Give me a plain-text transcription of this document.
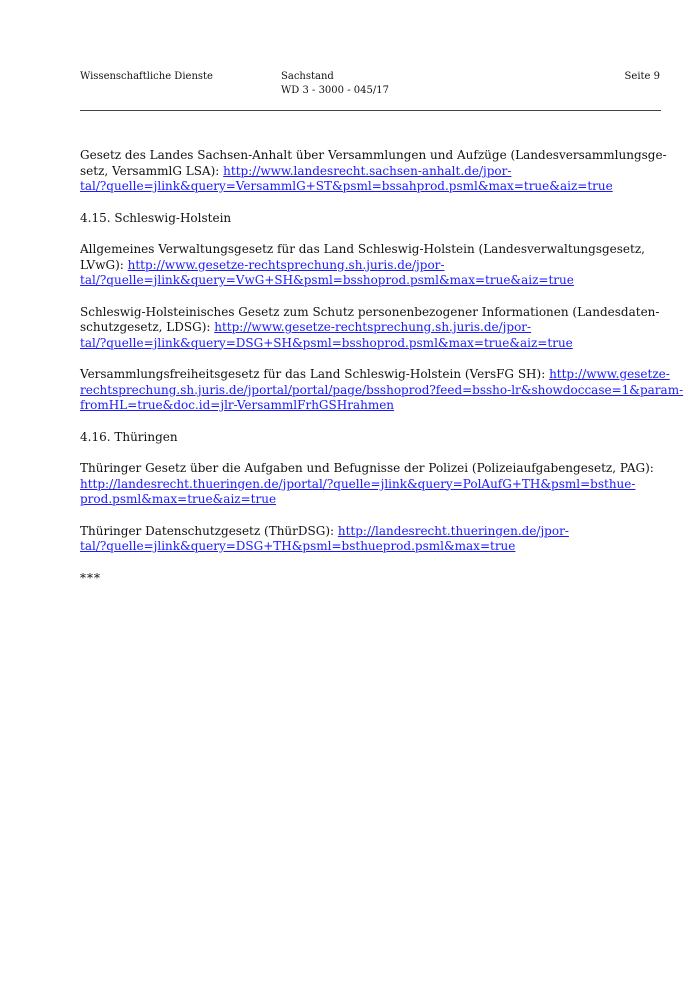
Wissenschaftliche Dienste	Sachstand
WD 3 - 3000 - 045/17
Seite 9
Gesetz des Landes Sachsen-Anhalt über Versammlungen und Aufzüge (Landesversammlungsge- setz, VersammlG LSA): http://www.landesrecht.sachsen-anhalt.de/jpor- tal/?quelle=jlink&query=VersammlG+ST&psml=bssahprod.psml&max=true&aiz=true
4.15. Schleswig-Holstein
Allgemeines Verwaltungsgesetz für das Land Schleswig-Holstein (Landesverwaltungsgesetz, LVwG): http://www.gesetze-rechtsprechung.sh.juris.de/jpor- tal/?quelle=jlink&query=VwG+SH&psml=bsshoprod.psml&max=true&aiz=true
Schleswig-Holsteinisches Gesetz zum Schutz personenbezogener Informationen (Landesdaten- schutzgesetz, LDSG): http://www.gesetze-rechtsprechung.sh.juris.de/jpor- tal/?quelle=jlink&query=DSG+SH&psml=bsshoprod.psml&max=true&aiz=true
Versammlungsfreiheitsgesetz für das Land Schleswig-Holstein (VersFG SH): http://www.gesetze- rechtsprechung.sh.juris.de/jportal/portal/page/bsshoprod?feed=bssho-lr&showdoccase=1&param- fromHL=true&doc.id=jlr-VersammlFrhGSHrahmen
4.16. Thüringen
Thüringer Gesetz über die Aufgaben und Befugnisse der Polizei (Polizeiaufgabengesetz, PAG): http://landesrecht.thueringen.de/jportal/?quelle=jlink&query=PolAufG+TH&psml=bsthue- prod.psml&max=true&aiz=true
Thüringer Datenschutzgesetz (ThürDSG): http://landesrecht.thueringen.de/jpor- tal/?quelle=jlink&query=DSG+TH&psml=bsthueprod.psml&max=true
***
